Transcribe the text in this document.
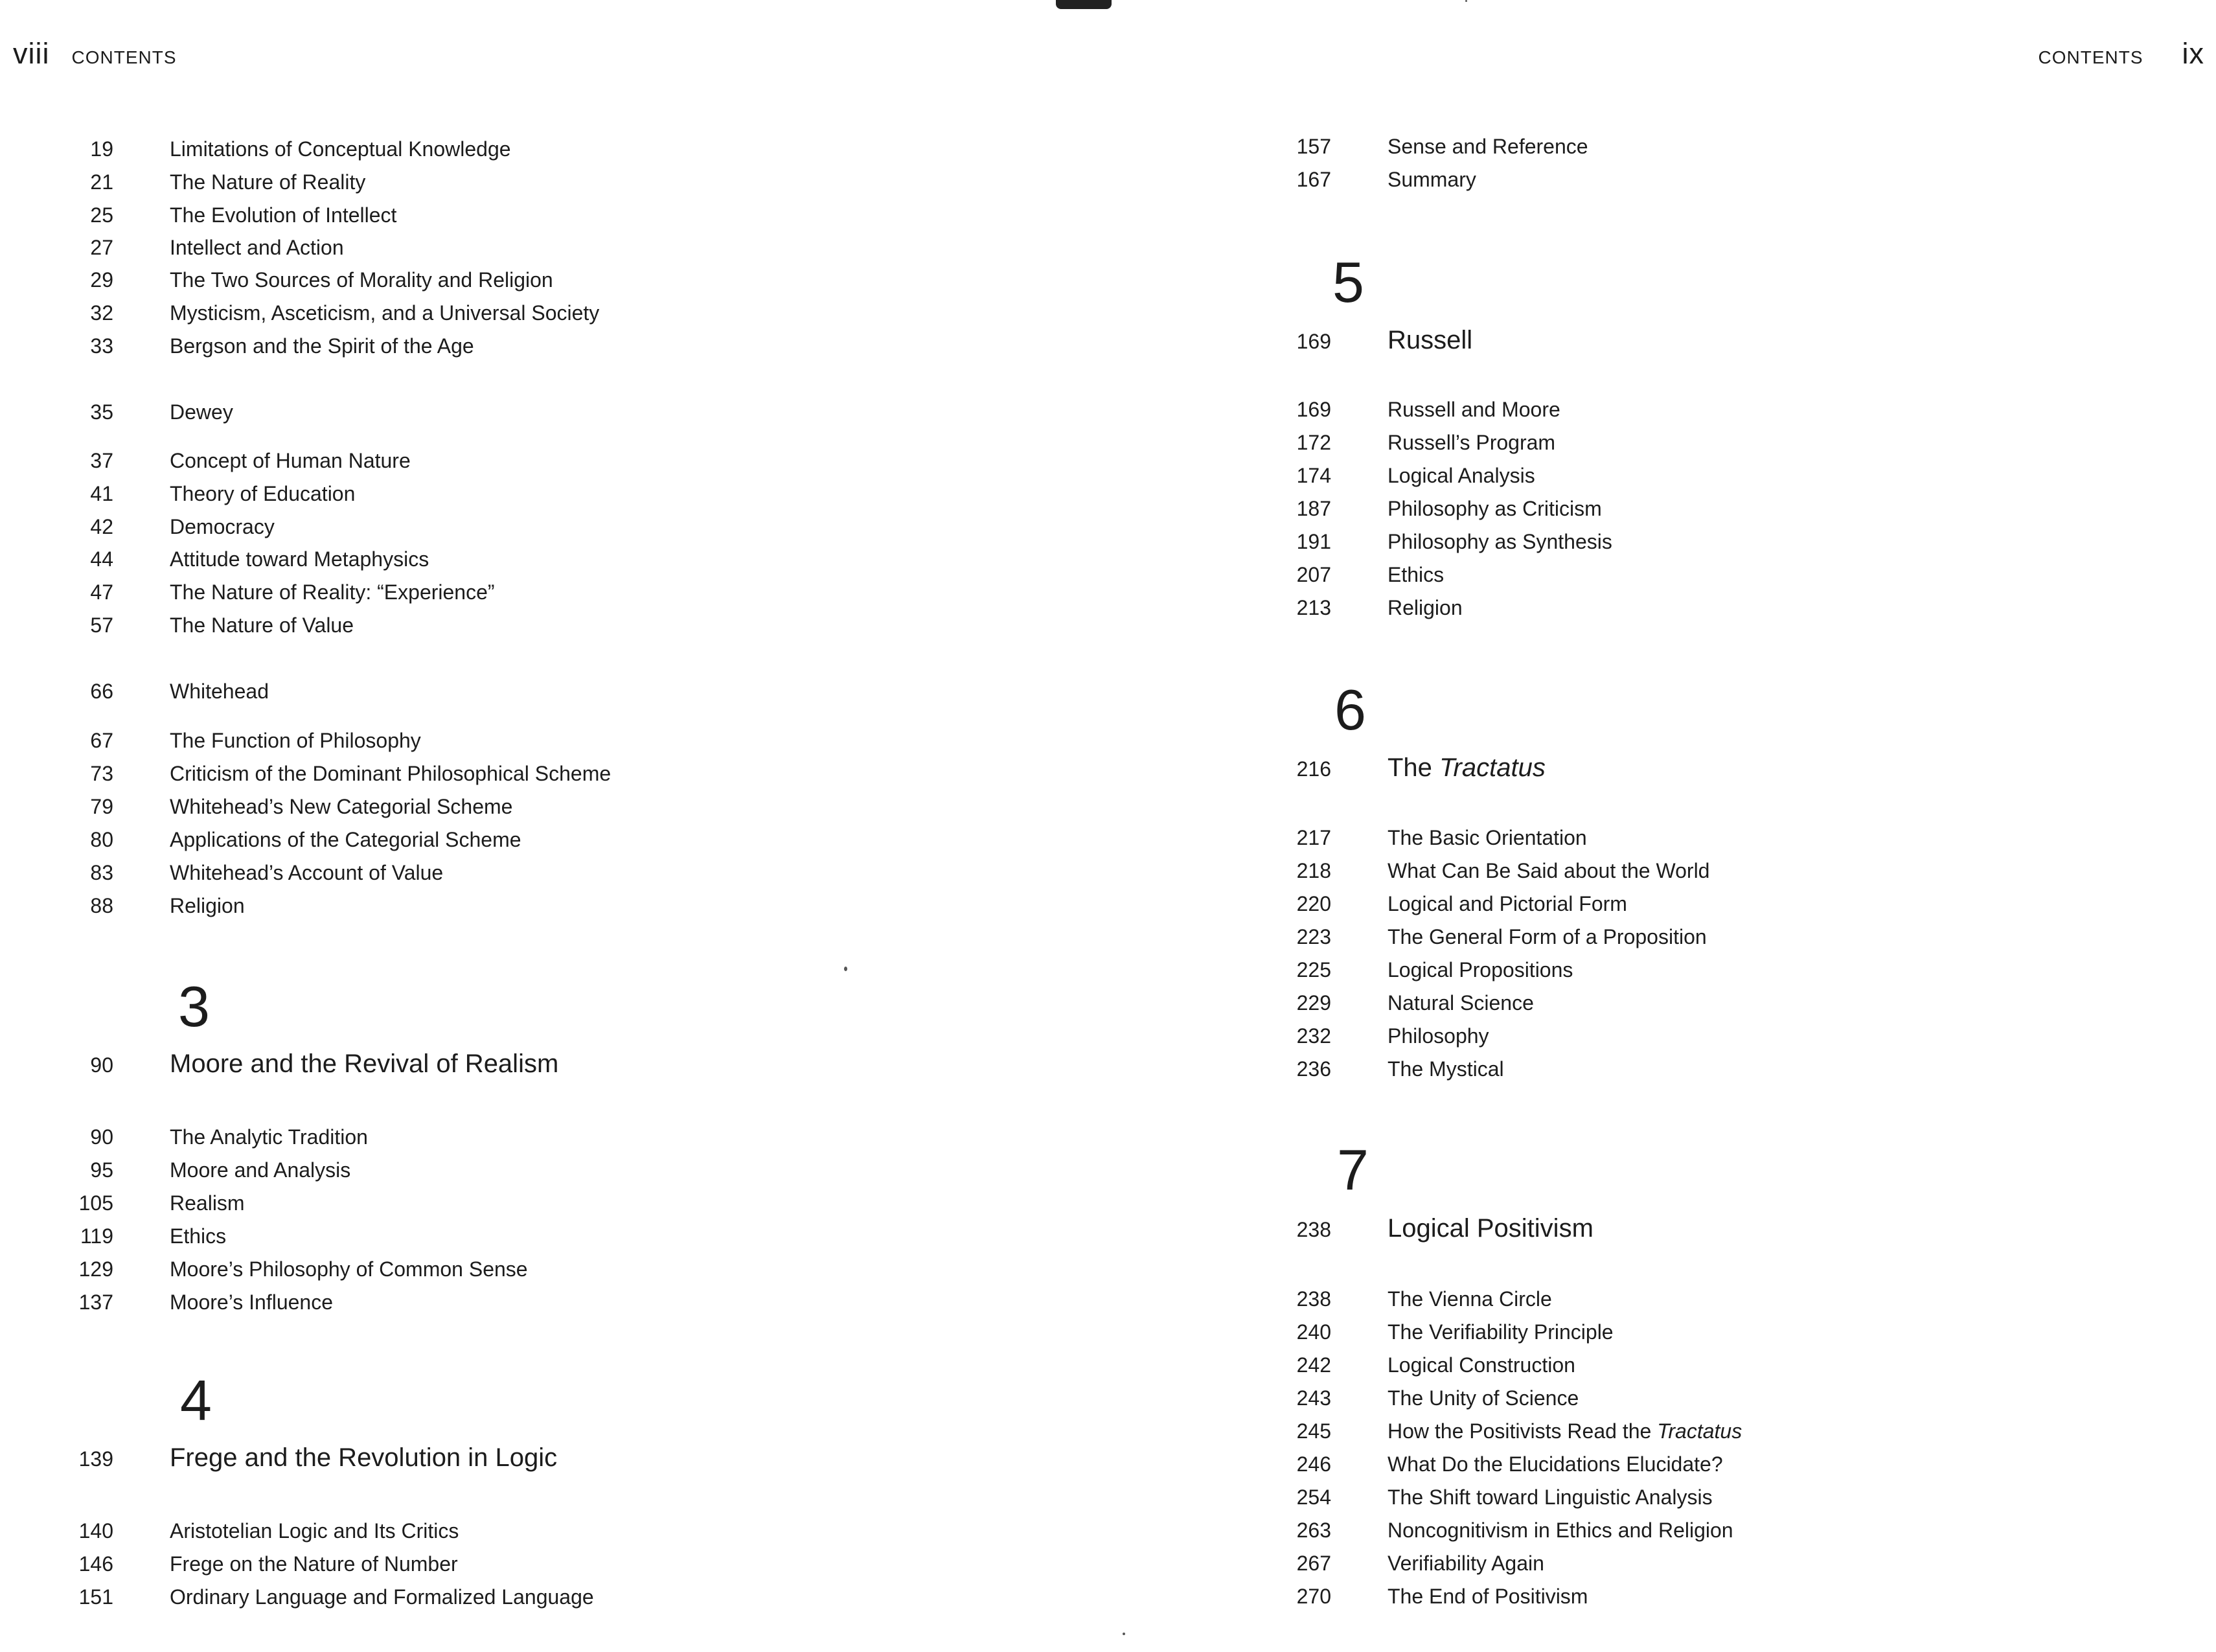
viii CONTENTS	CONTENTS ix
19	Limitations of Conceptual Knowledge
21	The Nature of Reality
25	The Evolution of Intellect
27	Intellect and Action
29	The Two Sources of Morality and Religion
32	Mysticism, Asceticism, and a Universal Society
33	Bergson and the Spirit of the Age
35	Dewey
37	Concept of Human Nature
41	Theory of Education
42	Democracy
44	Attitude toward Metaphysics
47	The Nature of Reality: “Experience”
57	The Nature of Value
66	Whitehead
67	The Function of Philosophy
73	Criticism of the Dominant Philosophical Scheme
79	Whitehead’s New Categorial Scheme
80	Applications of the Categorial Scheme
83	Whitehead’s Account of Value
88	Religion
3
90 Moore and the Revival of Realism
90	The Analytic Tradition
95	Moore and Analysis
105	Realism
119	Ethics
129	Moore’s Philosophy of Common Sense
137	Moore’s Influence
4
139 Frege and the Revolution in Logic
140	Aristotelian Logic and Its Critics
146	Frege on the Nature of Number
151	Ordinary Language and Formalized Language
157	Sense and Reference
167	Summary
5
169 Russell
169	Russell and Moore
172	Russell’s Program
174	Logical Analysis
187	Philosophy as Criticism
191	Philosophy as Synthesis
207	Ethics
213	Religion
6
216 The Tractatus
217	The Basic Orientation
218	What Can Be Said about the World
220	Logical and Pictorial Form
223	The General Form of a Proposition
225	Logical Propositions
229	Natural Science
232	Philosophy
236	The Mystical
7
238 Logical Positivism
238	The Vienna Circle
240	The Verifiability Principle
242	Logical Construction
243	The Unity of Science
245	How the Positivists Read the Tractatus
246	What Do the Elucidations Elucidate?
254	The Shift toward Linguistic Analysis
263	Noncognitivism in Ethics and Religion
267	Verifiability Again
270	The End of Positivism
